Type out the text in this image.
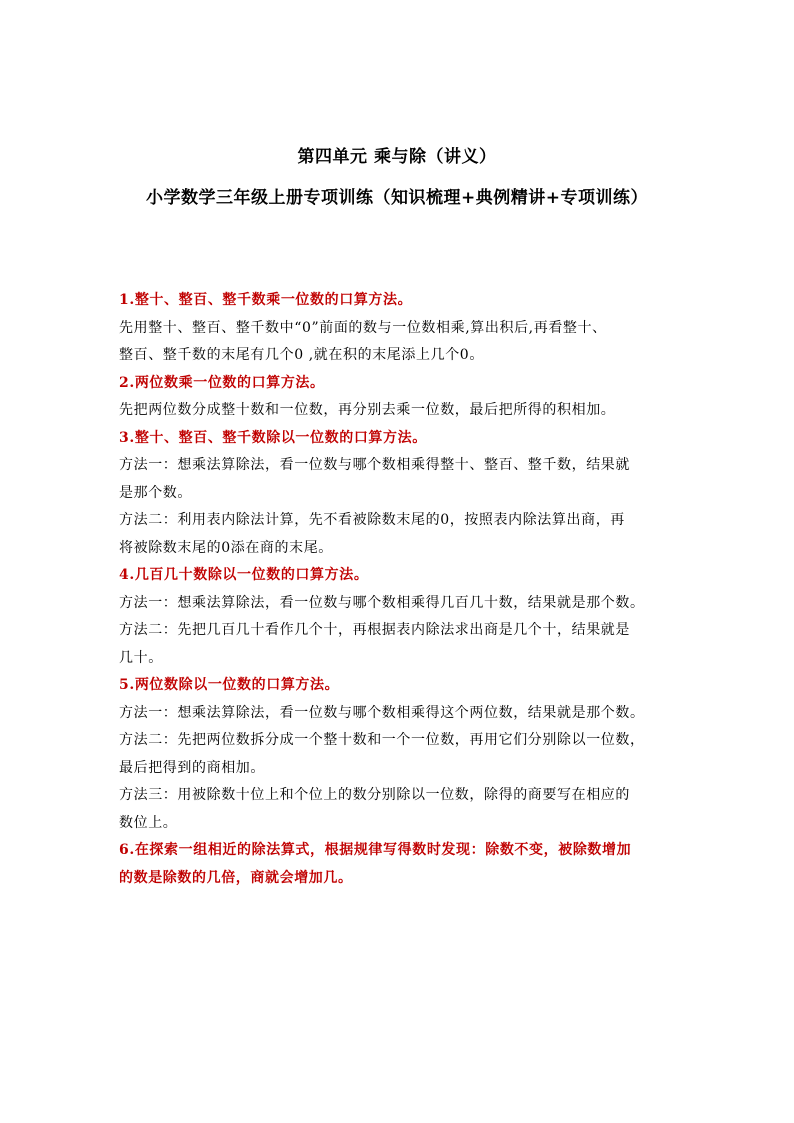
第四单元 乘与除（讲义）
小学数学三年级上册专项训练（知识梳理+典例精讲+专项训练）
1.整十、整百、整千数乘一位数的口算方法。
先用整十、整百、整千数中“0”前面的数与一位数相乘,算出积后,再看整十、
整百、整千数的末尾有几个0 ,就在积的末尾添上几个0。
2.两位数乘一位数的口算方法。
先把两位数分成整十数和一位数，再分别去乘一位数，最后把所得的积相加。
3.整十、整百、整千数除以一位数的口算方法。
方法一：想乘法算除法，看一位数与哪个数相乘得整十、整百、整千数，结果就
是那个数。
方法二：利用表内除法计算，先不看被除数末尾的0，按照表内除法算出商，再
将被除数末尾的0添在商的末尾。
4.几百几十数除以一位数的口算方法。
方法一：想乘法算除法，看一位数与哪个数相乘得几百几十数，结果就是那个数。
方法二：先把几百几十看作几个十，再根据表内除法求出商是几个十，结果就是
几十。
5.两位数除以一位数的口算方法。
方法一：想乘法算除法，看一位数与哪个数相乘得这个两位数，结果就是那个数。
方法二：先把两位数拆分成一个整十数和一个一位数，再用它们分别除以一位数，
最后把得到的商相加。
方法三：用被除数十位上和个位上的数分别除以一位数，除得的商要写在相应的
数位上。
6.在探索一组相近的除法算式，根据规律写得数时发现：除数不变，被除数增加
的数是除数的几倍，商就会增加几。
